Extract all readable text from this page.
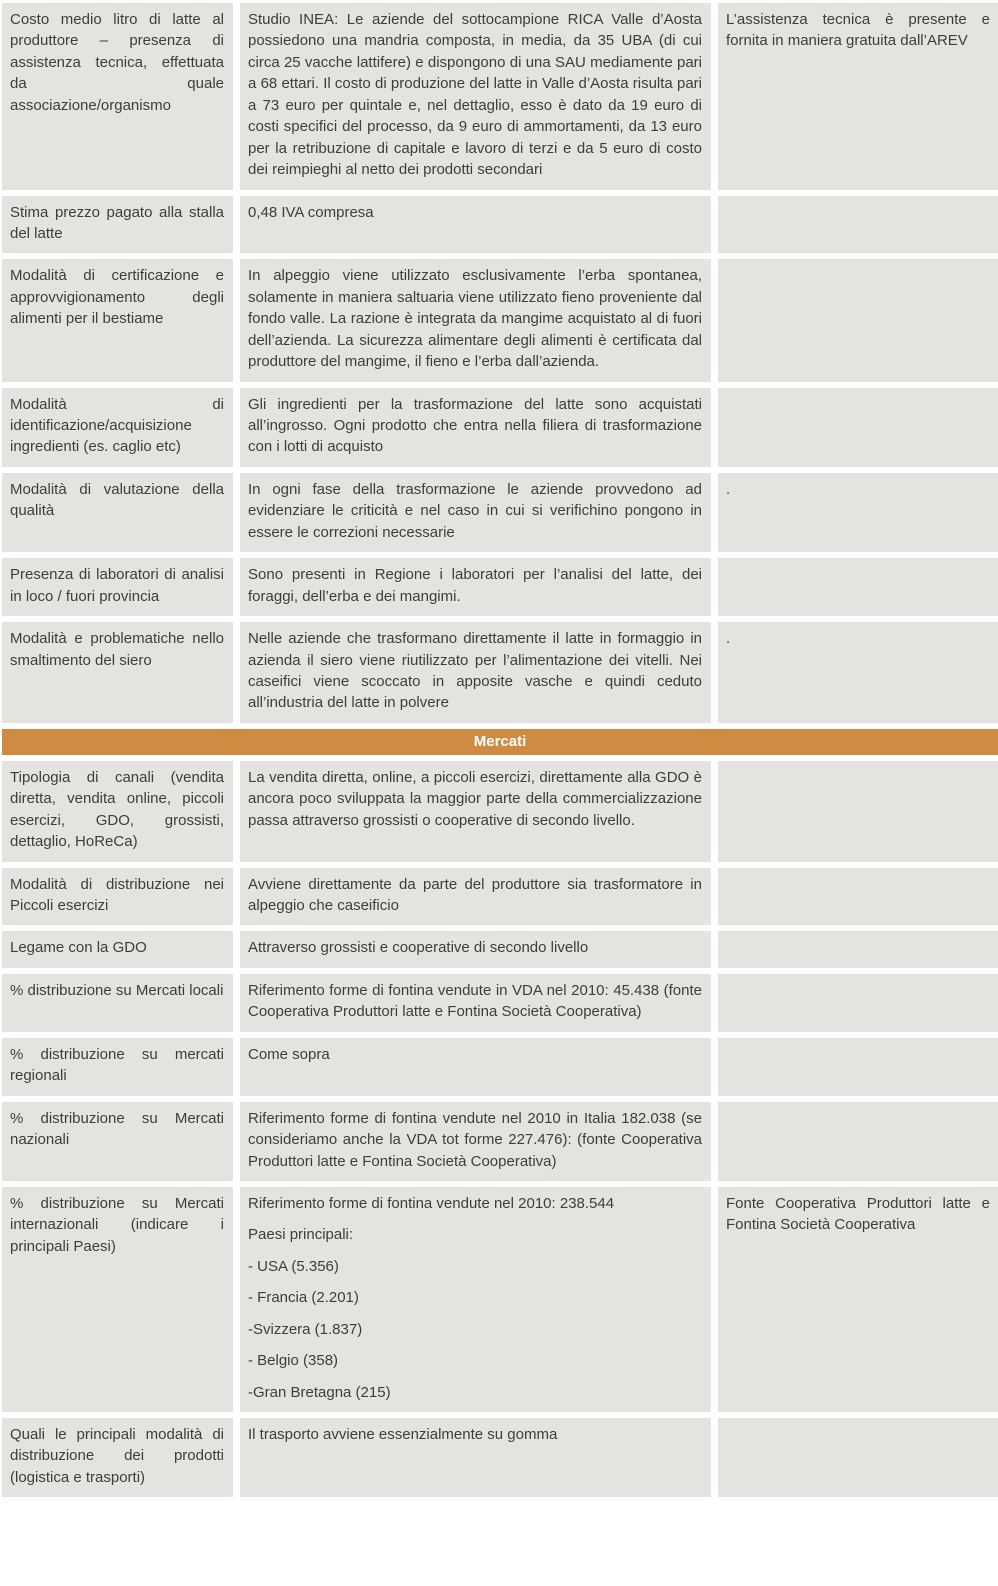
Costo medio litro di latte al produttore – presenza di assistenza tecnica, effettuata da quale associazione/organismo

Studio INEA: Le aziende del sottocampione RICA Valle d’Aosta possiedono una mandria composta, in media, da 35 UBA (di cui circa 25 vacche lattifere) e dispongono di una SAU mediamente pari a 68 ettari. Il costo di produzione del latte in Valle d’Aosta risulta pari a 73 euro per quintale e, nel dettaglio, esso è dato da 19 euro di costi specifici del processo, da 9 euro di ammortamenti, da 13 euro per la retribuzione di capitale e lavoro di terzi e da 5 euro di costo dei reimpieghi al netto dei prodotti secondari

L’assistenza tecnica è presente e fornita in maniera gratuita dall’AREV
Stima prezzo pagato alla stalla del latte

0,48 IVA compresa

Modalità di certificazione e approvvigionamento degli alimenti per il bestiame

In alpeggio viene utilizzato esclusivamente l’erba spontanea, solamente in maniera saltuaria viene utilizzato fieno proveniente dal fondo valle. La razione è integrata da mangime acquistato al di fuori dell’azienda. La sicurezza alimentare degli alimenti è certificata dal produttore del mangime, il fieno e l’erba dall’azienda.

Modalità di identificazione/acquisizione ingredienti (es. caglio etc)

Gli ingredienti per la trasformazione del latte sono acquistati all’ingrosso. Ogni prodotto che entra nella filiera di trasformazione con i lotti di acquisto

Modalità di valutazione della qualità

In ogni fase della trasformazione le aziende provvedono ad evidenziare le criticità e nel caso in cui si verifichino pongono in essere le correzioni necessarie

.
Presenza di laboratori di analisi in loco / fuori provincia

Sono presenti in Regione i laboratori per l’analisi del latte, dei foraggi, dell’erba e dei mangimi.

Modalità e problematiche nello smaltimento del siero

Nelle aziende che trasformano direttamente il latte in formaggio in azienda il siero viene riutilizzato per l’alimentazione dei vitelli. Nei caseifici viene scoccato in apposite vasche e quindi ceduto all’industria del latte in polvere

.
Mercati
Tipologia di canali (vendita diretta, vendita online, piccoli esercizi, GDO, grossisti, dettaglio, HoReCa)

La vendita diretta, online, a piccoli esercizi, direttamente alla GDO è ancora poco sviluppata la maggior parte della commercializzazione passa attraverso grossisti o cooperative di secondo livello.

Modalità di distribuzione nei Piccoli esercizi

Avviene direttamente da parte del produttore sia trasformatore in alpeggio che caseificio

Legame con la GDO	Attraverso grossisti e cooperative di secondo livello

% distribuzione su Mercati locali	Riferimento forme di fontina vendute in VDA nel 2010: 45.438 (fonte Cooperativa Produttori latte e Fontina Società Cooperativa)

% distribuzione su mercati regionali

Come sopra

% distribuzione su Mercati nazionali

Riferimento forme di fontina vendute nel 2010 in Italia 182.038 (se consideriamo anche la VDA tot forme 227.476): (fonte Cooperativa Produttori latte e Fontina Società Cooperativa)

% distribuzione su Mercati internazionali (indicare i principali Paesi)

Riferimento forme di fontina vendute nel 2010: 238.544

Paesi principali:

- USA (5.356)

- Francia (2.201)

-Svizzera (1.837)

- Belgio (358)

-Gran Bretagna (215)

Fonte Cooperativa Produttori latte e Fontina Società Cooperativa
Quali le principali modalità di distribuzione dei prodotti (logistica e trasporti)

Il trasporto avviene essenzialmente su gomma
